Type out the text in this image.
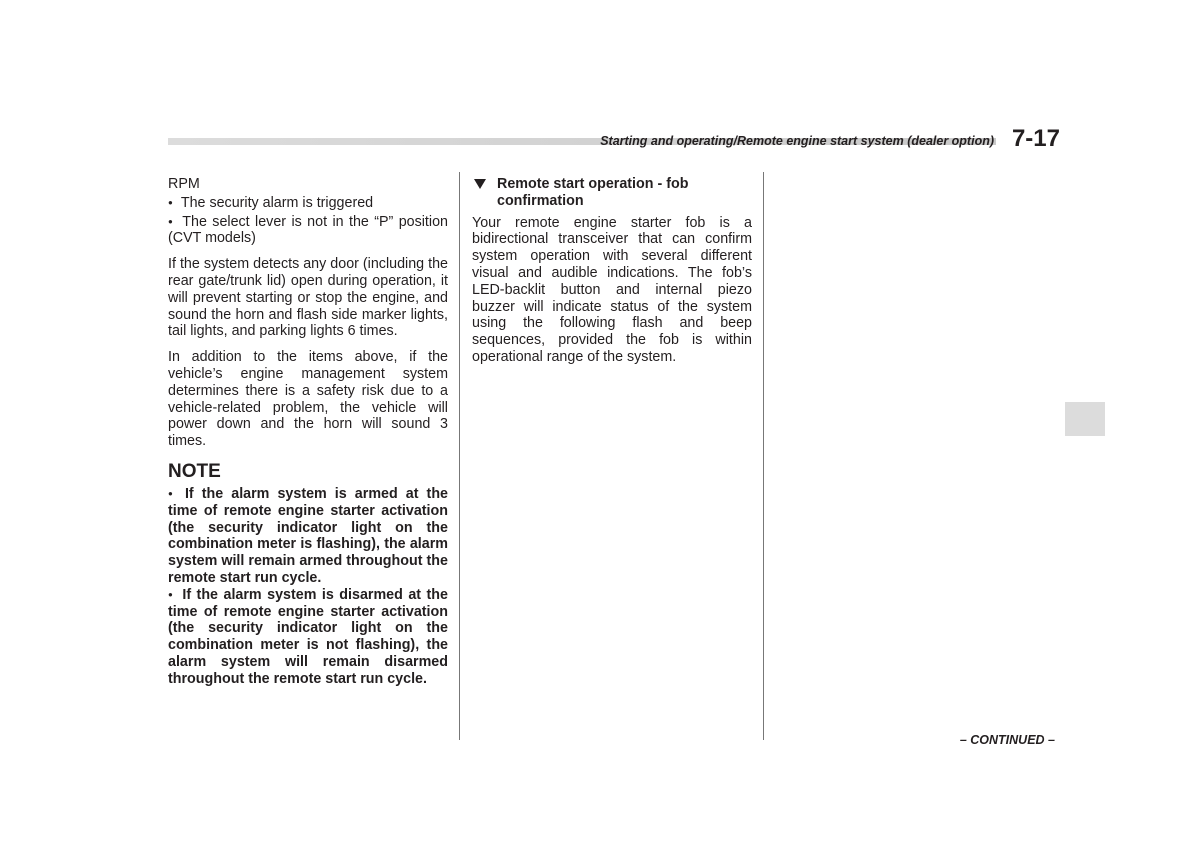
Starting and operating/Remote engine start system (dealer option) 7-17

RPM

● The security alarm is triggered

● The select lever is not in the “P” position (CVT models)

If the system detects any door (including the rear gate/trunk lid) open during operation, it will prevent starting or stop the engine, and sound the horn and flash side marker lights, tail lights, and parking lights 6 times.

In addition to the items above, if the vehicle’s engine management system determines there is a safety risk due to a vehicle-related problem, the vehicle will power down and the horn will sound 3 times.

NOTE

● If the alarm system is armed at the time of remote engine starter activation (the security indicator light on the combination meter is flashing), the alarm system will remain armed throughout the remote start run cycle.

● If the alarm system is disarmed at the time of remote engine starter activation (the security indicator light on the combination meter is not flashing), the alarm system will remain disarmed throughout the remote start run cycle.

Remote start operation - fob confirmation

Your remote engine starter fob is a bidirectional transceiver that can confirm system operation with several different visual and audible indications. The fob’s LED-backlit button and internal piezo buzzer will indicate status of the system using the following flash and beep sequences, provided the fob is within operational range of the system.

– CONTINUED –
